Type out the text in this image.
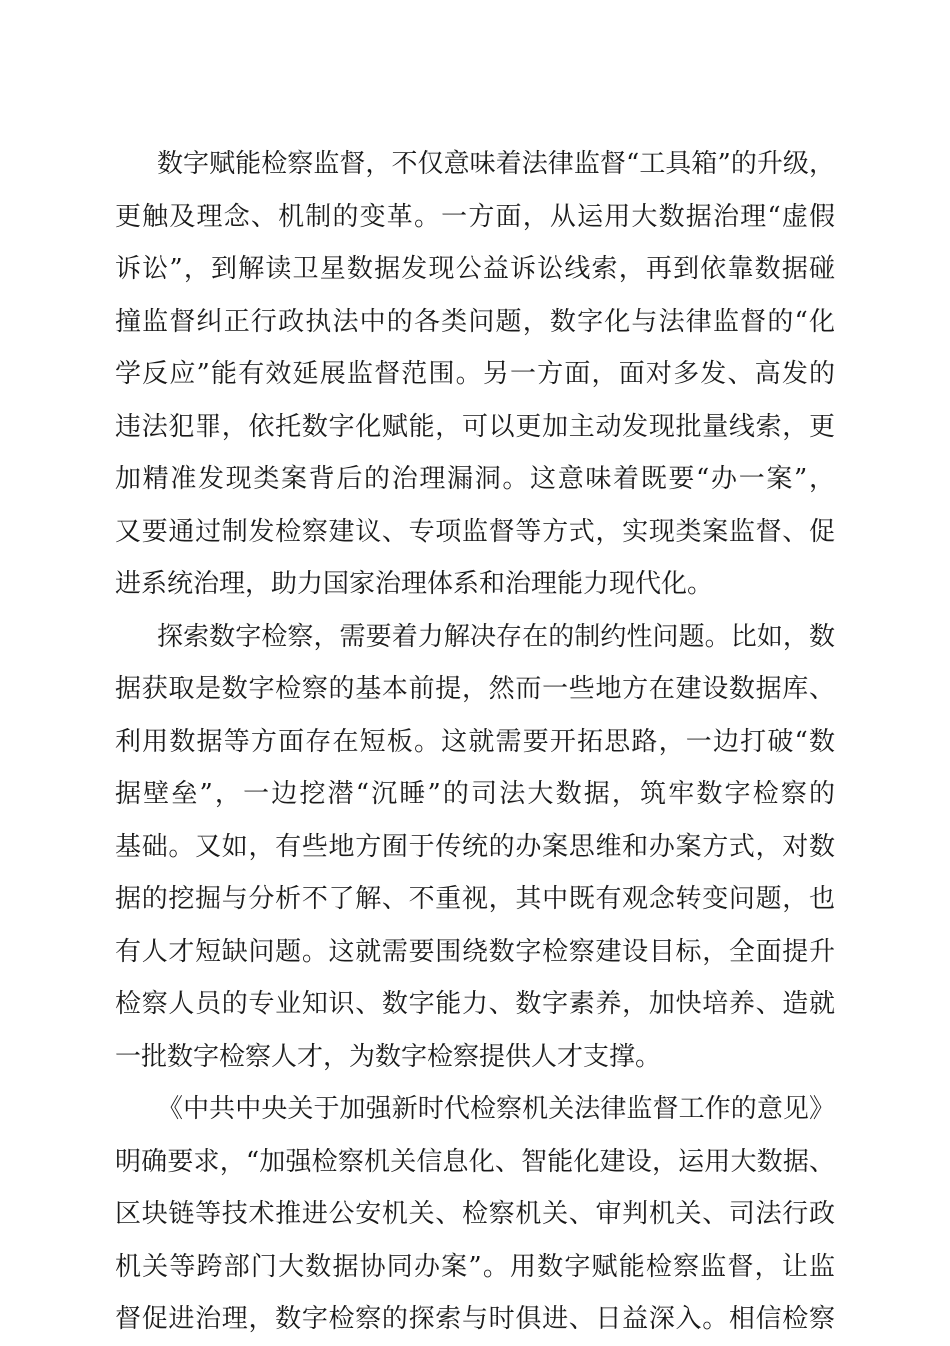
数字赋能检察监督，不仅意味着法律监督“工具箱”的升级，
更触及理念、机制的变革。一方面，从运用大数据治理“虚假
诉讼”，到解读卫星数据发现公益诉讼线索，再到依靠数据碰
撞监督纠正行政执法中的各类问题，数字化与法律监督的“化
学反应”能有效延展监督范围。另一方面，面对多发、高发的
违法犯罪，依托数字化赋能，可以更加主动发现批量线索，更
加精准发现类案背后的治理漏洞。这意味着既要“办一案”，
又要通过制发检察建议、专项监督等方式，实现类案监督、促
进系统治理，助力国家治理体系和治理能力现代化。
探索数字检察，需要着力解决存在的制约性问题。比如，数
据获取是数字检察的基本前提，然而一些地方在建设数据库、
利用数据等方面存在短板。这就需要开拓思路，一边打破“数
据壁垒”，一边挖潜“沉睡”的司法大数据，筑牢数字检察的
基础。又如，有些地方囿于传统的办案思维和办案方式，对数
据的挖掘与分析不了解、不重视，其中既有观念转变问题，也
有人才短缺问题。这就需要围绕数字检察建设目标，全面提升
检察人员的专业知识、数字能力、数字素养，加快培养、造就
一批数字检察人才，为数字检察提供人才支撑。
《中共中央关于加强新时代检察机关法律监督工作的意见》
明确要求，“加强检察机关信息化、智能化建设，运用大数据、
区块链等技术推进公安机关、检察机关、审判机关、司法行政
机关等跨部门大数据协同办案”。用数字赋能检察监督，让监
督促进治理，数字检察的探索与时俱进、日益深入。相信检察
